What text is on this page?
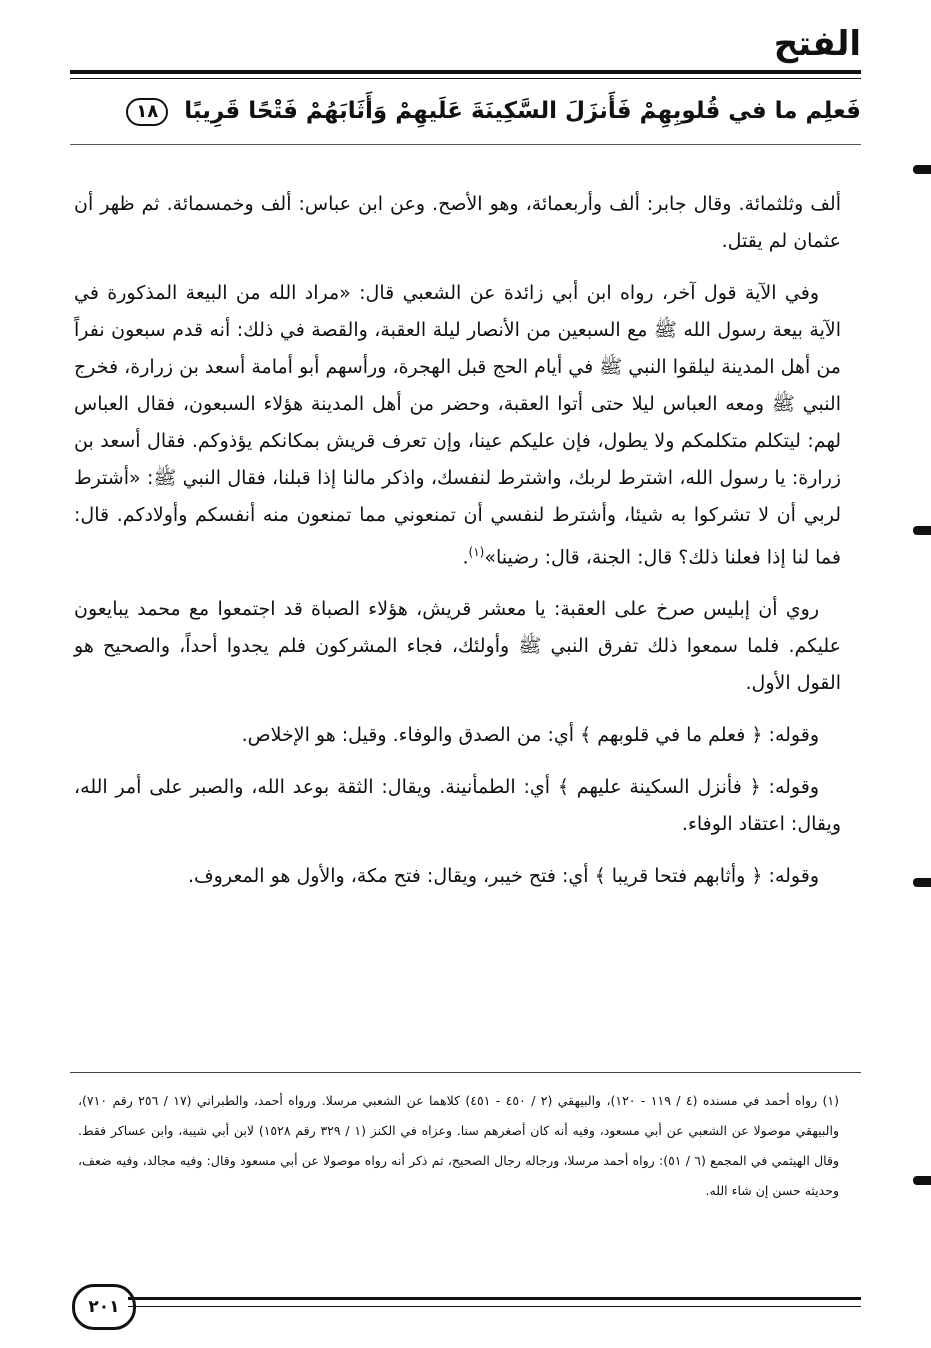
الفتح
فَعلِم ما في قُلوبِهِمْ فَأَنزَلَ السَّكِينَةَ عَلَيهِمْ وَأَثَابَهُمْ فَتْحًا قَرِيبًا ١٨

ألف وثلثمائة. وقال جابر: ألف وأربعمائة، وهو الأصح. وعن ابن عباس: ألف وخمسمائة. ثم ظهر أن عثمان لم يقتل.

وفي الآية قول آخر، رواه ابن أبي زائدة عن الشعبي قال: «مراد الله من البيعة المذكورة في الآية بيعة رسول الله ﷺ مع السبعين من الأنصار ليلة العقبة، والقصة في ذلك: أنه قدم سبعون نفراً من أهل المدينة ليلقوا النبي ﷺ في أيام الحج قبل الهجرة، ورأسهم أبو أمامة أسعد بن زرارة، فخرج النبي ﷺ ومعه العباس ليلا حتى أتوا العقبة، وحضر من أهل المدينة هؤلاء السبعون، فقال العباس لهم: ليتكلم متكلمكم ولا يطول، فإن عليكم عينا، وإن تعرف قريش بمكانكم يؤذوكم. فقال أسعد بن زرارة: يا رسول الله، اشترط لربك، واشترط لنفسك، واذكر مالنا إذا قبلنا، فقال النبي ﷺ: «أشترط لربي أن لا تشركوا به شيئا، وأشترط لنفسي أن تمنعوني مما تمنعون منه أنفسكم وأولادكم. قال: فما لنا إذا فعلنا ذلك؟ قال: الجنة، قال: رضينا»$^{(١)}$.

روي أن إبليس صرخ على العقبة: يا معشر قريش، هؤلاء الصباة قد اجتمعوا مع محمد يبايعون عليكم. فلما سمعوا ذلك تفرق النبي ﷺ وأولئك، فجاء المشركون فلم يجدوا أحداً، والصحيح هو القول الأول.

وقوله: ﴿ فعلم ما في قلوبهم ﴾ أي: من الصدق والوفاء. وقيل: هو الإخلاص.

وقوله: ﴿ فأنزل السكينة عليهم ﴾ أي: الطمأنينة. ويقال: الثقة بوعد الله، والصبر على أمر الله، ويقال: اعتقاد الوفاء.

وقوله: ﴿ وأثابهم فتحا قريبا ﴾ أي: فتح خيبر، ويقال: فتح مكة، والأول هو المعروف.

(١) رواه أحمد في مسنده (٤ / ١١٩ - ١٢٠)، والبيهقي (٢ / ٤٥٠ - ٤٥١) كلاهما عن الشعبي مرسلا. ورواه أحمد، والطبراني (١٧ / ٢٥٦ رقم ٧١٠)، والبيهقي موصولا عن الشعبي عن أبي مسعود، وفيه أنه كان أصغرهم سنا. وعزاه في الكنز (١ / ٣٢٩ رقم ١٥٢٨) لابن أبي شيبة، وابن عساكر فقط. وقال الهيثمي في المجمع (٦ / ٥١): رواه أحمد مرسلا، ورجاله رجال الصحيح، ثم ذكر أنه رواه موصولا عن أبي مسعود وقال: وفيه مجالد، وفيه ضعف، وحديثه حسن إن شاء الله.

٢٠١
